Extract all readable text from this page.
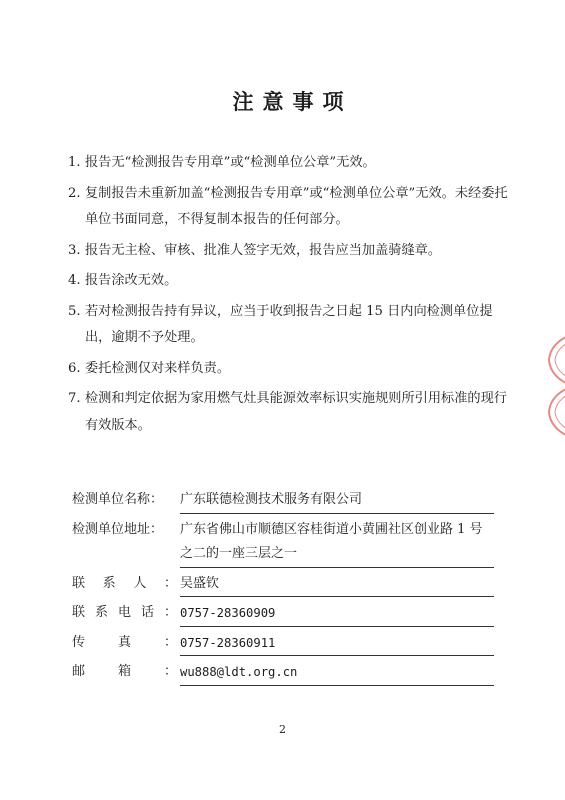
注意事项
1. 报告无“检测报告专用章”或“检测单位公章”无效。
2. 复制报告未重新加盖“检测报告专用章”或“检测单位公章”无效。未经委托单位书面同意，不得复制本报告的任何部分。
3. 报告无主检、审核、批准人签字无效，报告应当加盖骑缝章。
4. 报告涂改无效。
5. 若对检测报告持有异议，应当于收到报告之日起 15 日内向检测单位提出，逾期不予处理。
6. 委托检测仅对来样负责。
7. 检测和判定依据为家用燃气灶具能源效率标识实施规则所引用标准的现行有效版本。
检测单位名称：	广东联德检测技术服务有限公司
检测单位地址：	广东省佛山市顺德区容桂街道小黄圃社区创业路 1 号之二的一座三层之一
联系人： 吴盛钦
联系电话： 0757-28360909
传真： 0757-28360911
邮箱： wu888@ldt.org.cn
2
